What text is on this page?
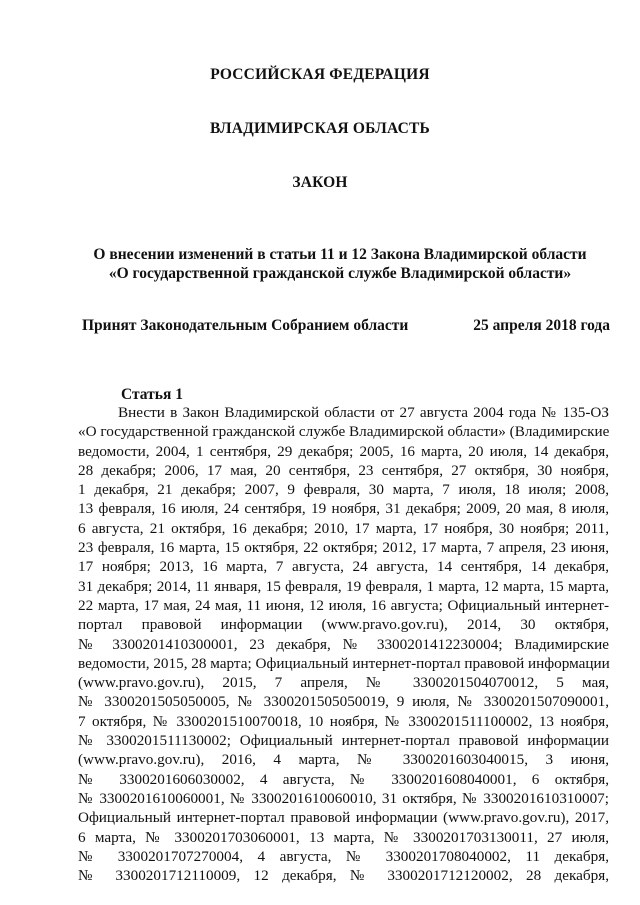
РОССИЙСКАЯ ФЕДЕРАЦИЯ
ВЛАДИМИРСКАЯ ОБЛАСТЬ
ЗАКОН
О внесении изменений в статьи 11 и 12 Закона Владимирской области
«О государственной гражданской службе Владимирской области»
Принят Законодательным Собранием области	25 апреля 2018 года
Статья 1
Внести в Закон Владимирской области от 27 августа 2004 года № 135-ОЗ
«О государственной гражданской службе Владимирской области» (Владимирские
ведомости, 2004, 1 сентября, 29 декабря; 2005, 16 марта, 20 июля, 14 декабря,
28 декабря; 2006, 17 мая, 20 сентября, 23 сентября, 27 октября, 30 ноября,
1 декабря, 21 декабря; 2007, 9 февраля, 30 марта, 7 июля, 18 июля; 2008,
13 февраля, 16 июля, 24 сентября, 19 ноября, 31 декабря; 2009, 20 мая, 8 июля,
6 августа, 21 октября, 16 декабря; 2010, 17 марта, 17 ноября, 30 ноября; 2011,
23 февраля, 16 марта, 15 октября, 22 октября; 2012, 17 марта, 7 апреля, 23 июня,
17 ноября; 2013, 16 марта, 7 августа, 24 августа, 14 сентября, 14 декабря,
31 декабря; 2014, 11 января, 15 февраля, 19 февраля, 1 марта, 12 марта, 15 марта,
22 марта, 17 мая, 24 мая, 11 июня, 12 июля, 16 августа; Официальный интернет-
портал правовой информации (www.pravo.gov.ru), 2014, 30 октября,
№ 3300201410300001, 23 декабря, № 3300201412230004; Владимирские
ведомости, 2015, 28 марта; Официальный интернет-портал правовой информации
(www.pravo.gov.ru), 2015, 7 апреля, № 3300201504070012, 5 мая,
№ 3300201505050005, № 3300201505050019, 9 июля, № 3300201507090001,
7 октября, № 3300201510070018, 10 ноября, № 3300201511100002, 13 ноября,
№ 3300201511130002; Официальный интернет-портал правовой информации
(www.pravo.gov.ru), 2016, 4 марта, № 3300201603040015, 3 июня,
№ 3300201606030002, 4 августа, № 3300201608040001, 6 октября,
№ 3300201610060001, № 3300201610060010, 31 октября, № 3300201610310007;
Официальный интернет-портал правовой информации (www.pravo.gov.ru), 2017,
6 марта, № 3300201703060001, 13 марта, № 3300201703130011, 27 июля,
№ 3300201707270004, 4 августа, № 3300201708040002, 11 декабря,
№ 3300201712110009, 12 декабря, № 3300201712120002, 28 декабря,
